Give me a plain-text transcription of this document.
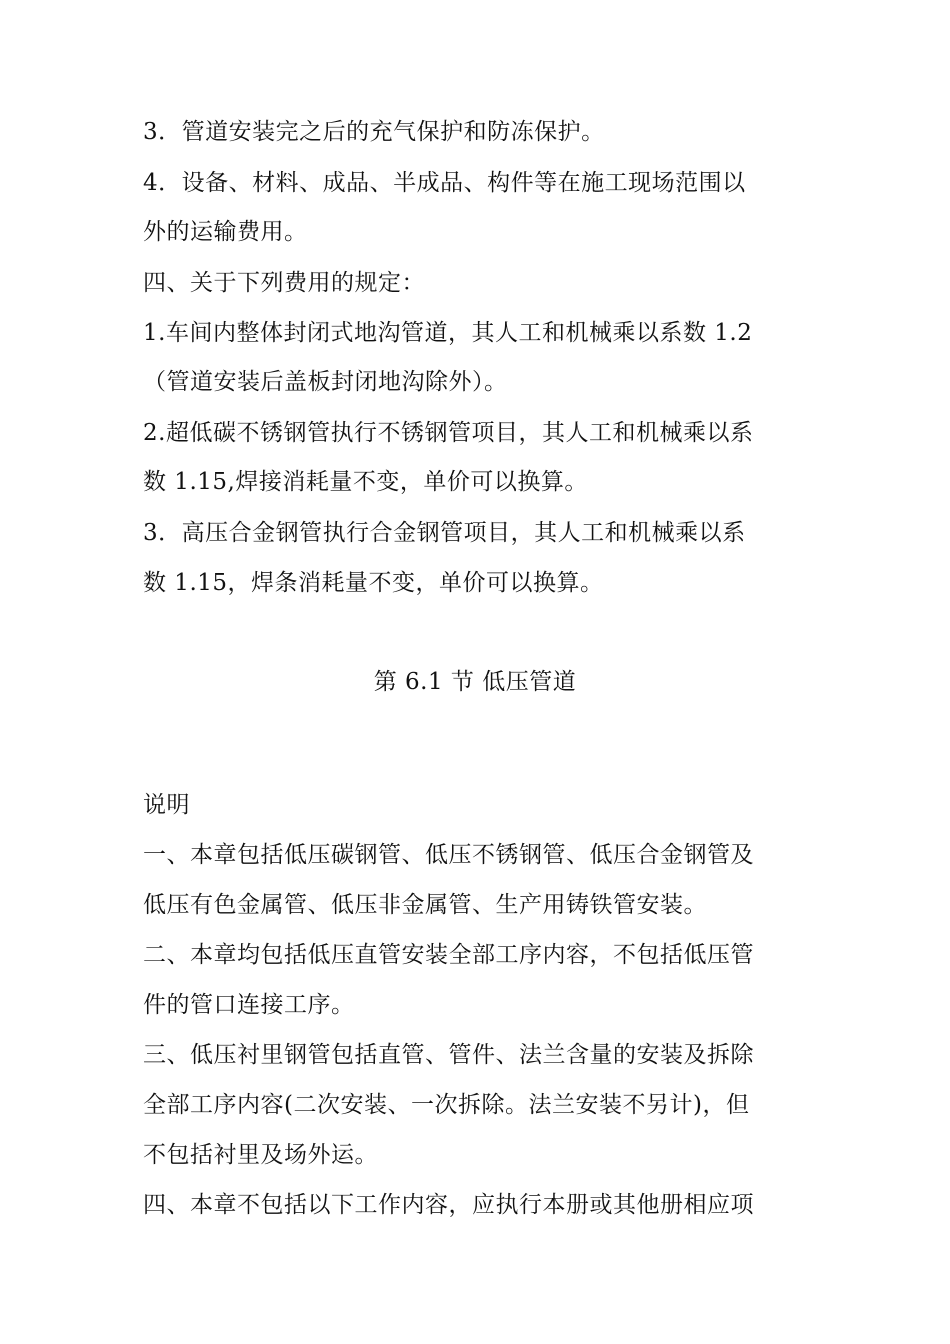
3．管道安装完之后的充气保护和防冻保护。
4．设备、材料、成品、半成品、构件等在施工现场范围以
外的运输费用。
四、关于下列费用的规定：
1.车间内整体封闭式地沟管道，其人工和机械乘以系数 1.2
（管道安装后盖板封闭地沟除外）。
2.超低碳不锈钢管执行不锈钢管项目，其人工和机械乘以系
数 1.15,焊接消耗量不变，单价可以换算。
3．高压合金钢管执行合金钢管项目，其人工和机械乘以系
数 1.15，焊条消耗量不变，单价可以换算。
第 6.1 节 低压管道
说明
一、本章包括低压碳钢管、低压不锈钢管、低压合金钢管及
低压有色金属管、低压非金属管、生产用铸铁管安装。
二、本章均包括低压直管安装全部工序内容，不包括低压管
件的管口连接工序。
三、低压衬里钢管包括直管、管件、法兰含量的安装及拆除
全部工序内容(二次安装、一次拆除。法兰安装不另计)，但
不包括衬里及场外运。
四、本章不包括以下工作内容，应执行本册或其他册相应项
